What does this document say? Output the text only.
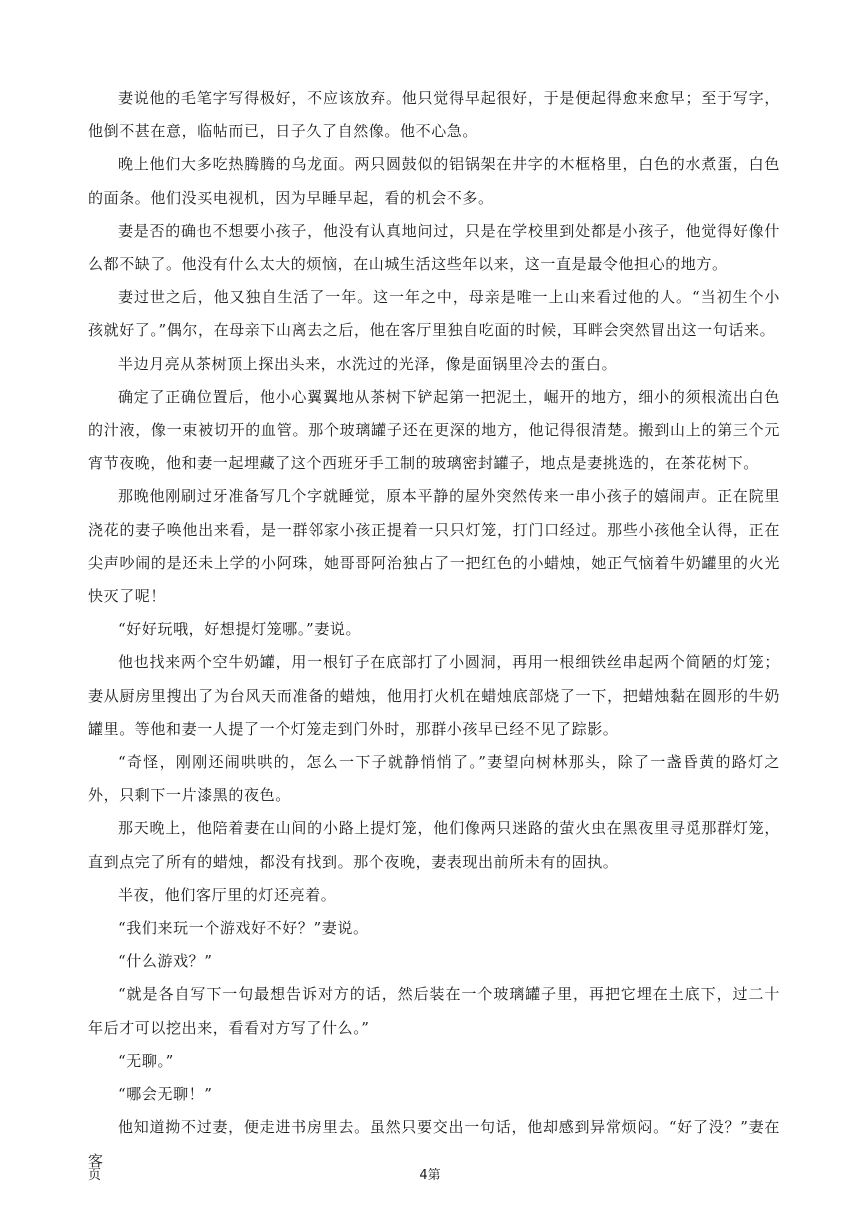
妻说他的毛笔字写得极好，不应该放弃。他只觉得早起很好，于是便起得愈来愈早；至于写字，他倒不甚在意，临帖而已，日子久了自然像。他不心急。

晚上他们大多吃热腾腾的乌龙面。两只圆鼓似的铝锅架在井字的木框格里，白色的水煮蛋，白色的面条。他们没买电视机，因为早睡早起，看的机会不多。

妻是否的确也不想要小孩子，他没有认真地问过，只是在学校里到处都是小孩子，他觉得好像什么都不缺了。他没有什么太大的烦恼，在山城生活这些年以来，这一直是最令他担心的地方。

妻过世之后，他又独自生活了一年。这一年之中，母亲是唯一上山来看过他的人。“当初生个小孩就好了。”偶尔，在母亲下山离去之后，他在客厅里独自吃面的时候，耳畔会突然冒出这一句话来。

半边月亮从茶树顶上探出头来，水洗过的光泽，像是面锅里冷去的蛋白。

确定了正确位置后，他小心翼翼地从茶树下铲起第一把泥土，崛开的地方，细小的须根流出白色的汁液，像一束被切开的血管。那个玻璃罐子还在更深的地方，他记得很清楚。搬到山上的第三个元宵节夜晚，他和妻一起埋藏了这个西班牙手工制的玻璃密封罐子，地点是妻挑选的，在茶花树下。

那晚他刚刷过牙准备写几个字就睡觉，原本平静的屋外突然传来一串小孩子的嬉闹声。正在院里浇花的妻子唤他出来看，是一群邻家小孩正提着一只只灯笼，打门口经过。那些小孩他全认得，正在尖声吵闹的是还未上学的小阿珠，她哥哥阿治独占了一把红色的小蜡烛，她正气恼着牛奶罐里的火光快灭了呢！

“好好玩哦，好想提灯笼哪。”妻说。

他也找来两个空牛奶罐，用一根钉子在底部打了小圆洞，再用一根细铁丝串起两个简陋的灯笼；妻从厨房里搜出了为台风天而准备的蜡烛，他用打火机在蜡烛底部烧了一下，把蜡烛黏在圆形的牛奶罐里。等他和妻一人提了一个灯笼走到门外时，那群小孩早已经不见了踪影。

“奇怪，刚刚还闹哄哄的，怎么一下子就静悄悄了。”妻望向树林那头，除了一盏昏黄的路灯之外，只剩下一片漆黑的夜色。

那天晚上，他陪着妻在山间的小路上提灯笼，他们像两只迷路的萤火虫在黑夜里寻觅那群灯笼，直到点完了所有的蜡烛，都没有找到。那个夜晚，妻表现出前所未有的固执。

半夜，他们客厅里的灯还亮着。

“我们来玩一个游戏好不好？”妻说。

“什么游戏？”

“就是各自写下一句最想告诉对方的话，然后装在一个玻璃罐子里，再把它埋在土底下，过二十年后才可以挖出来，看看对方写了什么。”

“无聊。”

“哪会无聊！”

他知道拗不过妻，便走进书房里去。虽然只要交出一句话，他却感到异常烦闷。“好了没？”妻在客

页	4第
